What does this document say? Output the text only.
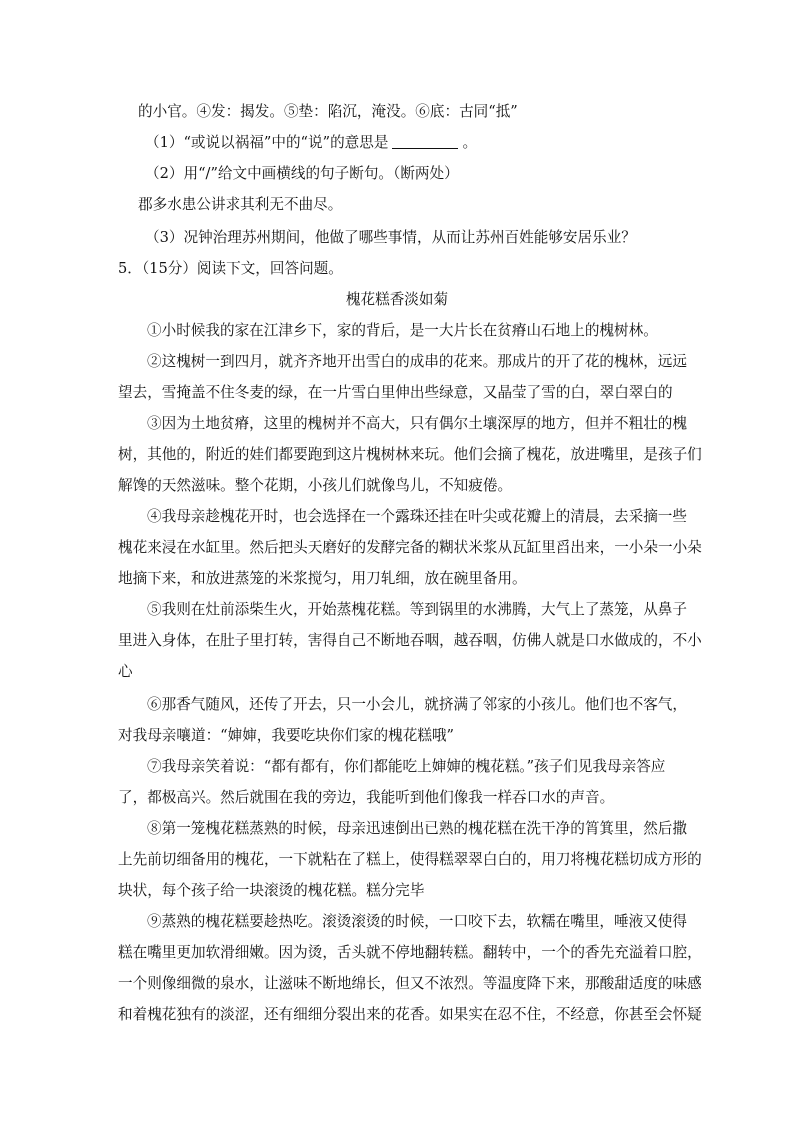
的小官。④发：揭发。⑤垫：陷沉，淹没。⑥底：古同“抵”
（1）“或说以祸福”中的“说”的意思是	。
（2）用“/”给文中画横线的句子断句。（断两处）
郡多水患公讲求其利无不曲尽。
（3）况钟治理苏州期间，他做了哪些事情，从而让苏州百姓能够安居乐业？
5．（15分）阅读下文，回答问题。
槐花糕香淡如菊
①小时候我的家在江津乡下，家的背后，是一大片长在贫瘠山石地上的槐树林。
②这槐树一到四月，就齐齐地开出雪白的成串的花来。那成片的开了花的槐林，远远
望去，雪掩盖不住冬麦的绿，在一片雪白里伸出些绿意，又晶莹了雪的白，翠白翠白的
③因为土地贫瘠，这里的槐树并不高大，只有偶尔土壤深厚的地方，但并不粗壮的槐
树，其他的，附近的娃们都要跑到这片槐树林来玩。他们会摘了槐花，放进嘴里，是孩子们
解馋的天然滋味。整个花期，小孩儿们就像鸟儿，不知疲倦。
④我母亲趁槐花开时，也会选择在一个露珠还挂在叶尖或花瓣上的清晨，去采摘一些
槐花来浸在水缸里。然后把头天磨好的发酵完备的糊状米浆从瓦缸里舀出来，一小朵一小朵
地摘下来，和放进蒸笼的米浆搅匀，用刀轧细，放在碗里备用。
⑤我则在灶前添柴生火，开始蒸槐花糕。等到锅里的水沸腾，大气上了蒸笼，从鼻子
里进入身体，在肚子里打转，害得自己不断地吞咽，越吞咽，仿佛人就是口水做成的，不小
心
⑥那香气随风，还传了开去，只一小会儿，就挤满了邻家的小孩儿。他们也不客气，
对我母亲嚷道：“婶婶，我要吃块你们家的槐花糕哦”
⑦我母亲笑着说：“都有都有，你们都能吃上婶婶的槐花糕。”孩子们见我母亲答应
了，都极高兴。然后就围在我的旁边，我能听到他们像我一样吞口水的声音。
⑧第一笼槐花糕蒸熟的时候，母亲迅速倒出已熟的槐花糕在洗干净的筲箕里，然后撒
上先前切细备用的槐花，一下就粘在了糕上，使得糕翠翠白白的，用刀将槐花糕切成方形的
块状，每个孩子给一块滚烫的槐花糕。糕分完毕
⑨蒸熟的槐花糕要趁热吃。滚烫滚烫的时候，一口咬下去，软糯在嘴里，唾液又使得
糕在嘴里更加软滑细嫩。因为烫，舌头就不停地翻转糕。翻转中，一个的香先充溢着口腔，
一个则像细微的泉水，让滋味不断地绵长，但又不浓烈。等温度降下来，那酸甜适度的味感
和着槐花独有的淡涩，还有细细分裂出来的花香。如果实在忍不住，不经意，你甚至会怀疑
